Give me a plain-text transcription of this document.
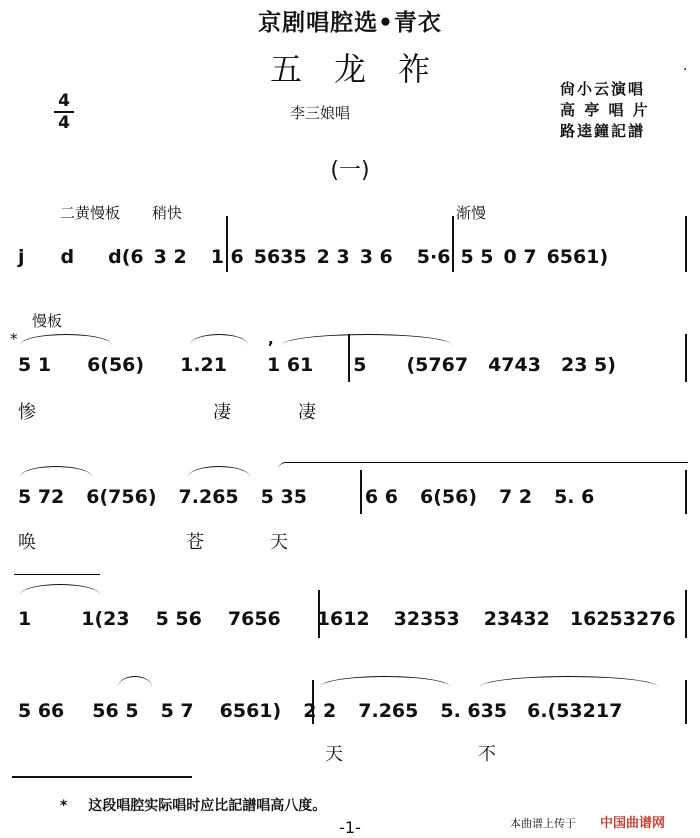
京剧唱腔选•青衣
五龙祚	·
4
4	李三娘唱
尙小云演唱
高 亭 唱 片
路逵鐘記譜
(一)
二黄慢板 稍快	渐慢
j d d(6 3 2 1 6 5635 2 3 3 6 5·6 5 5 0 7 6561)
慢板
*	,
5 1 6(56) 1.21 1 61 5 (5767 4743 23 5)
惨	凄	凄
5 72 6(756) 7.265 5 35	6 6 6(56) 7 2 5. 6
唤	苍	天
1	1(23 5 56 7656 1612 32353 23432 16253276
5 66 56 5 5 7 6561) 2 2 7.265 5. 635 6.(53217
天	不
* 这段唱腔实际唱时应比記譜唱高八度。
本曲谱上传于 中国曲谱网
-1-
